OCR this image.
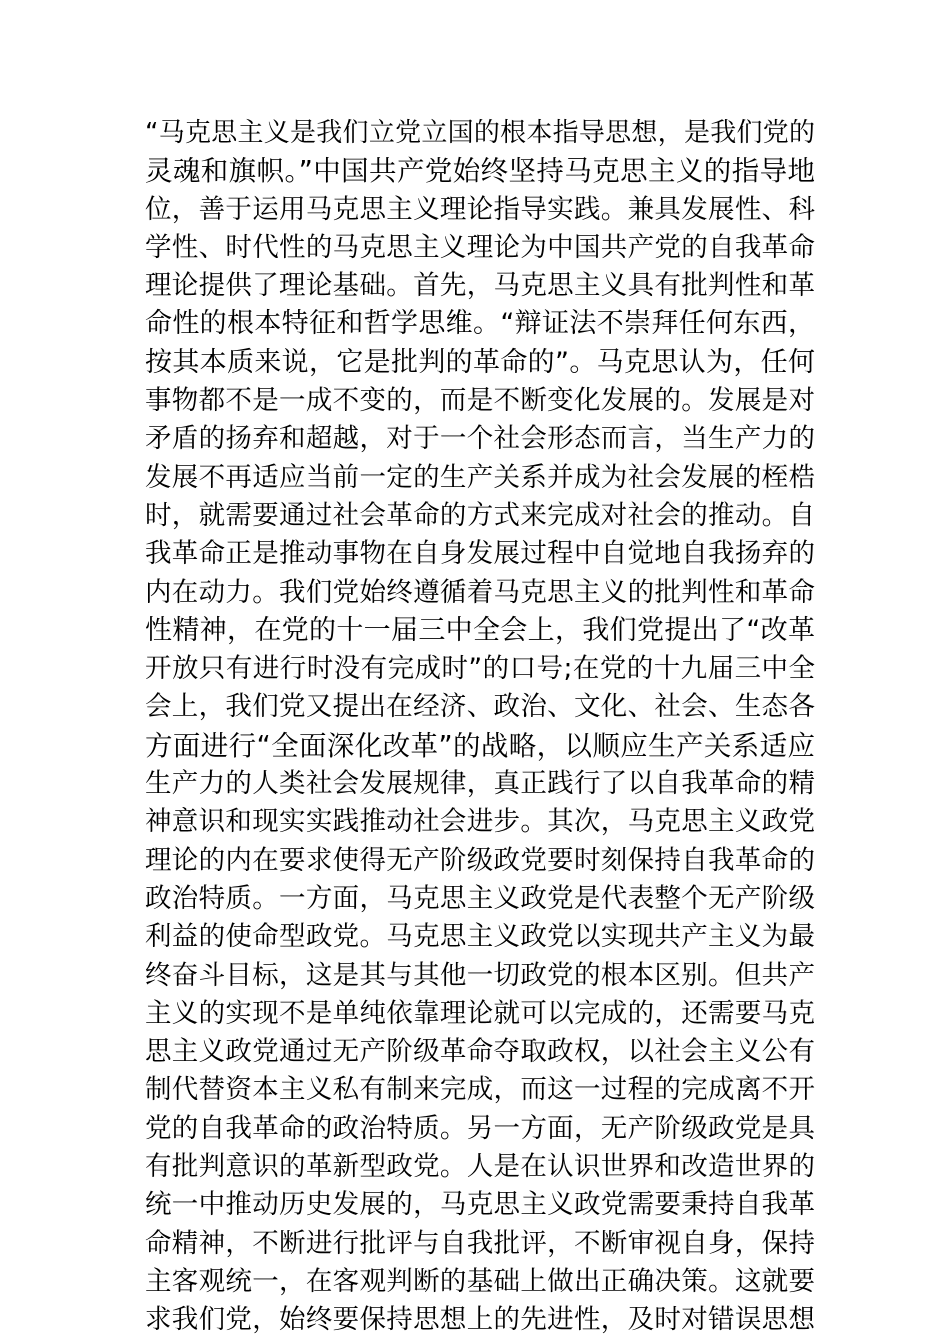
“马克思主义是我们立党立国的根本指导思想，是我们党的
灵魂和旗帜。”中国共产党始终坚持马克思主义的指导地
位，善于运用马克思主义理论指导实践。兼具发展性、科
学性、时代性的马克思主义理论为中国共产党的自我革命
理论提供了理论基础。首先，马克思主义具有批判性和革
命性的根本特征和哲学思维。“辩证法不崇拜任何东西，
按其本质来说，它是批判的革命的”。马克思认为，任何
事物都不是一成不变的，而是不断变化发展的。发展是对
矛盾的扬弃和超越，对于一个社会形态而言，当生产力的
发展不再适应当前一定的生产关系并成为社会发展的桎梏
时，就需要通过社会革命的方式来完成对社会的推动。自
我革命正是推动事物在自身发展过程中自觉地自我扬弃的
内在动力。我们党始终遵循着马克思主义的批判性和革命
性精神，在党的十一届三中全会上，我们党提出了“改革
开放只有进行时没有完成时”的口号;在党的十九届三中全
会上，我们党又提出在经济、政治、文化、社会、生态各
方面进行“全面深化改革”的战略，以顺应生产关系适应
生产力的人类社会发展规律，真正践行了以自我革命的精
神意识和现实实践推动社会进步。其次，马克思主义政党
理论的内在要求使得无产阶级政党要时刻保持自我革命的
政治特质。一方面，马克思主义政党是代表整个无产阶级
利益的使命型政党。马克思主义政党以实现共产主义为最
终奋斗目标，这是其与其他一切政党的根本区别。但共产
主义的实现不是单纯依靠理论就可以完成的，还需要马克
思主义政党通过无产阶级革命夺取政权，以社会主义公有
制代替资本主义私有制来完成，而这一过程的完成离不开
党的自我革命的政治特质。另一方面，无产阶级政党是具
有批判意识的革新型政党。人是在认识世界和改造世界的
统一中推动历史发展的，马克思主义政党需要秉持自我革
命精神，不断进行批评与自我批评，不断审视自身，保持
主客观统一，在客观判断的基础上做出正确决策。这就要
求我们党，始终要保持思想上的先进性，及时对错误思想
